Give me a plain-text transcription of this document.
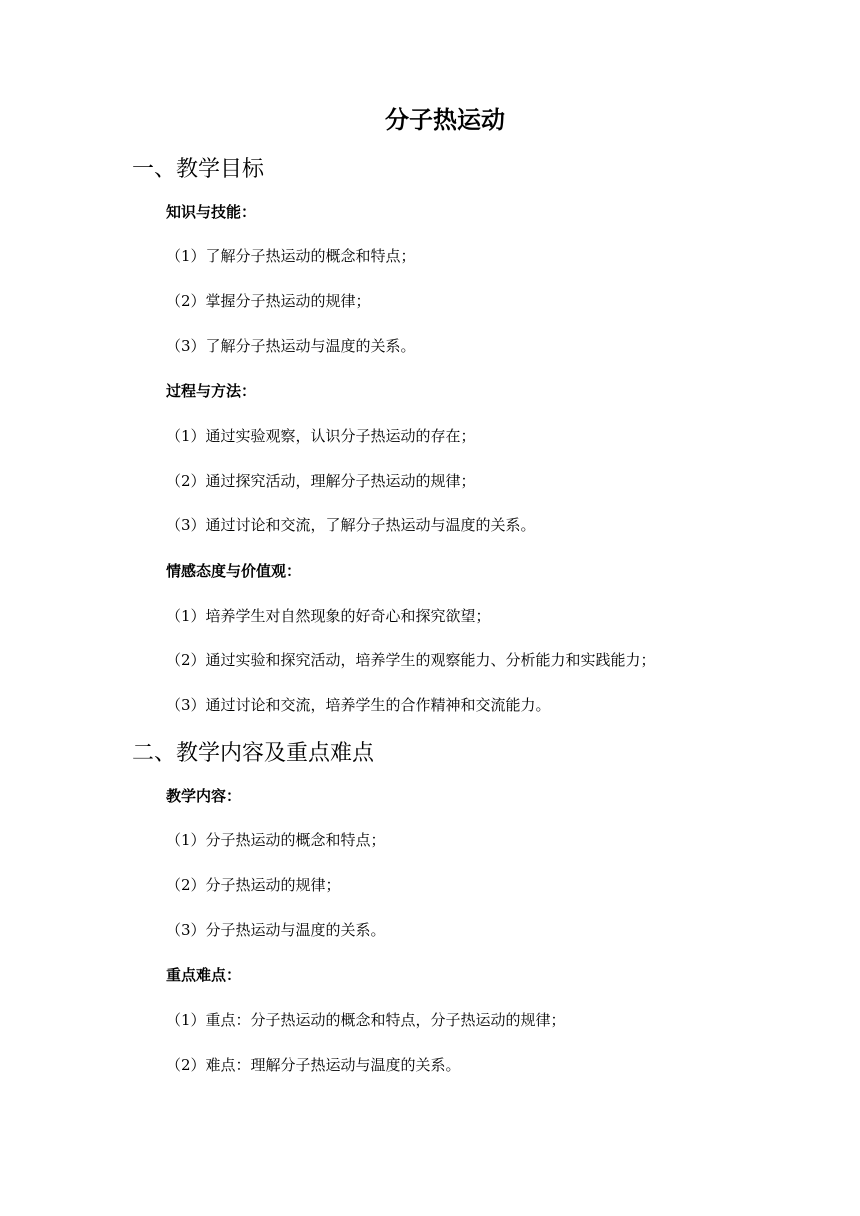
分子热运动
一、教学目标
知识与技能：
（1）了解分子热运动的概念和特点；
（2）掌握分子热运动的规律；
（3）了解分子热运动与温度的关系。
过程与方法：
（1）通过实验观察，认识分子热运动的存在；
（2）通过探究活动，理解分子热运动的规律；
（3）通过讨论和交流，了解分子热运动与温度的关系。
情感态度与价值观：
（1）培养学生对自然现象的好奇心和探究欲望；
（2）通过实验和探究活动，培养学生的观察能力、分析能力和实践能力；
（3）通过讨论和交流，培养学生的合作精神和交流能力。
二、教学内容及重点难点
教学内容：
（1）分子热运动的概念和特点；
（2）分子热运动的规律；
（3）分子热运动与温度的关系。
重点难点：
（1）重点：分子热运动的概念和特点，分子热运动的规律；
（2）难点：理解分子热运动与温度的关系。
